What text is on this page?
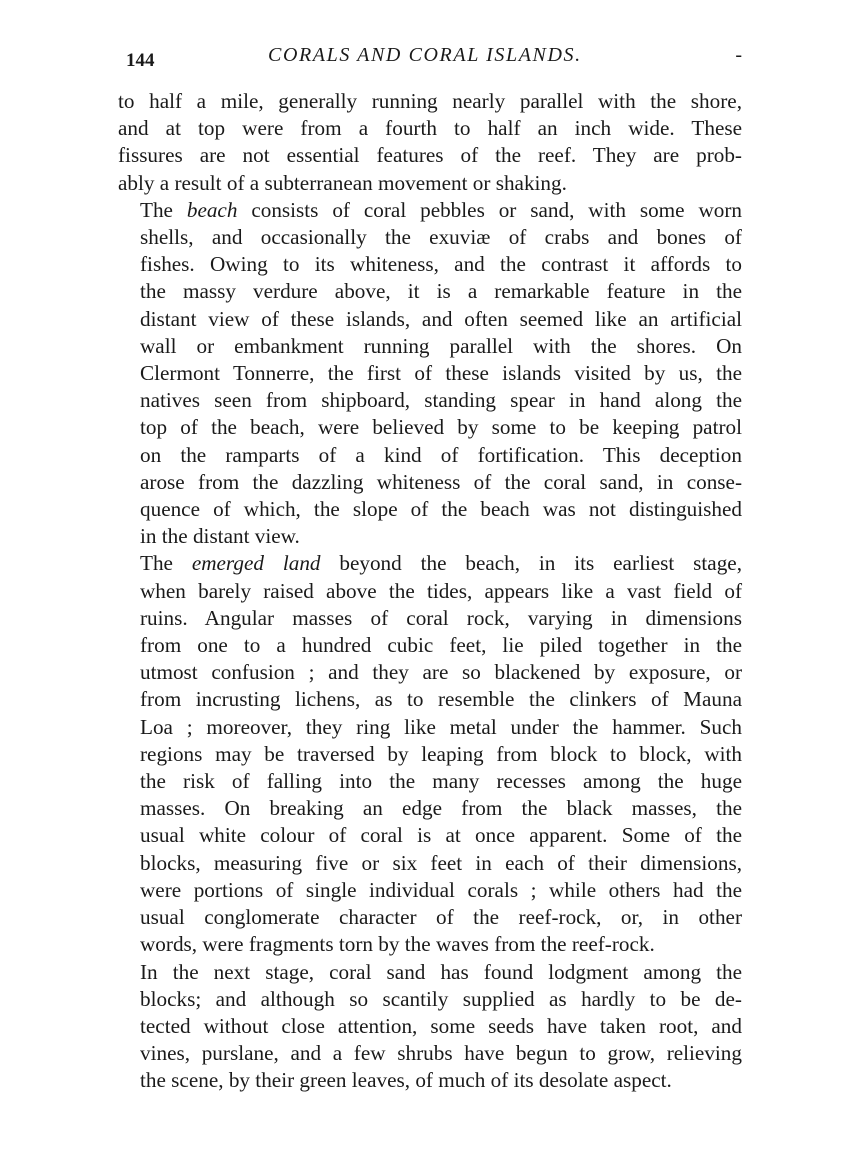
144	CORALS AND CORAL ISLANDS.	-

to half a mile, generally running nearly parallel with the shore,
and at top were from a fourth to half an inch wide. These
fissures are not essential features of the reef. They are prob-
ably a result of a subterranean movement or shaking.

The beach consists of coral pebbles or sand, with some worn
shells, and occasionally the exuviæ of crabs and bones of
fishes. Owing to its whiteness, and the contrast it affords to
the massy verdure above, it is a remarkable feature in the
distant view of these islands, and often seemed like an artificial
wall or embankment running parallel with the shores. On
Clermont Tonnerre, the first of these islands visited by us, the
natives seen from shipboard, standing spear in hand along the
top of the beach, were believed by some to be keeping patrol
on the ramparts of a kind of fortification. This deception
arose from the dazzling whiteness of the coral sand, in conse-
quence of which, the slope of the beach was not distinguished
in the distant view.

The emerged land beyond the beach, in its earliest stage,
when barely raised above the tides, appears like a vast field of
ruins. Angular masses of coral rock, varying in dimensions
from one to a hundred cubic feet, lie piled together in the
utmost confusion ; and they are so blackened by exposure, or
from incrusting lichens, as to resemble the clinkers of Mauna
Loa ; moreover, they ring like metal under the hammer. Such
regions may be traversed by leaping from block to block, with
the risk of falling into the many recesses among the huge
masses. On breaking an edge from the black masses, the
usual white colour of coral is at once apparent. Some of the
blocks, measuring five or six feet in each of their dimensions,
were portions of single individual corals ; while others had the
usual conglomerate character of the reef-rock, or, in other
words, were fragments torn by the waves from the reef-rock.

In the next stage, coral sand has found lodgment among the
blocks; and although so scantily supplied as hardly to be de-
tected without close attention, some seeds have taken root, and
vines, purslane, and a few shrubs have begun to grow, relieving
the scene, by their green leaves, of much of its desolate aspect.
